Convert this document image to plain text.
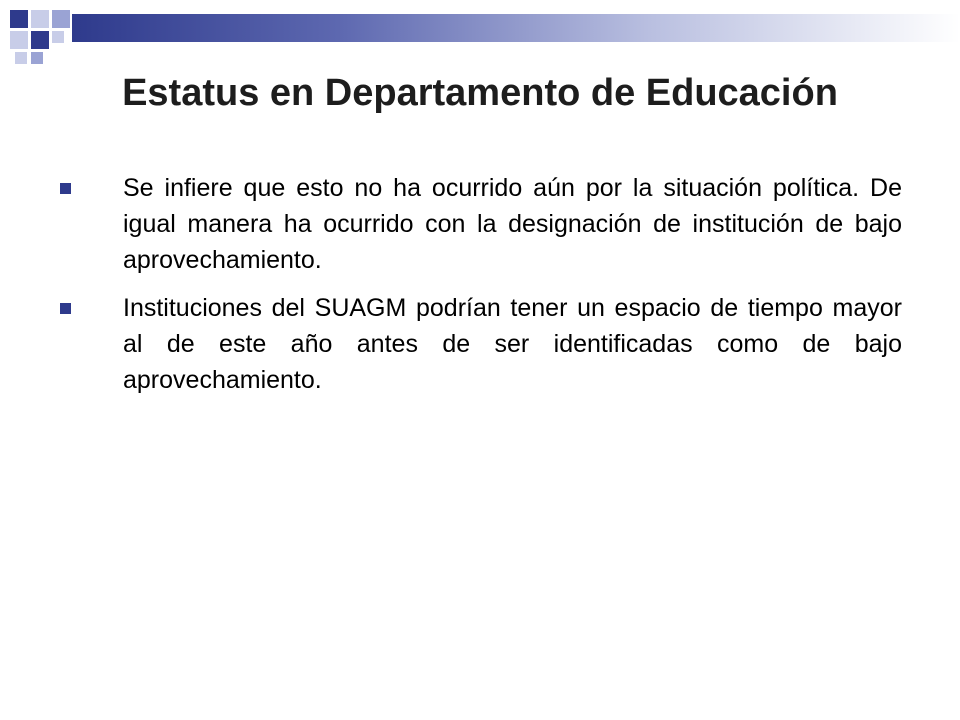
Estatus en Departamento de Educación
Se infiere que esto no ha ocurrido aún por la situación política. De igual manera ha ocurrido con la designación de institución de bajo aprovechamiento.
Instituciones del SUAGM podrían tener un espacio de tiempo mayor al de este año antes de ser identificadas como de bajo aprovechamiento.
